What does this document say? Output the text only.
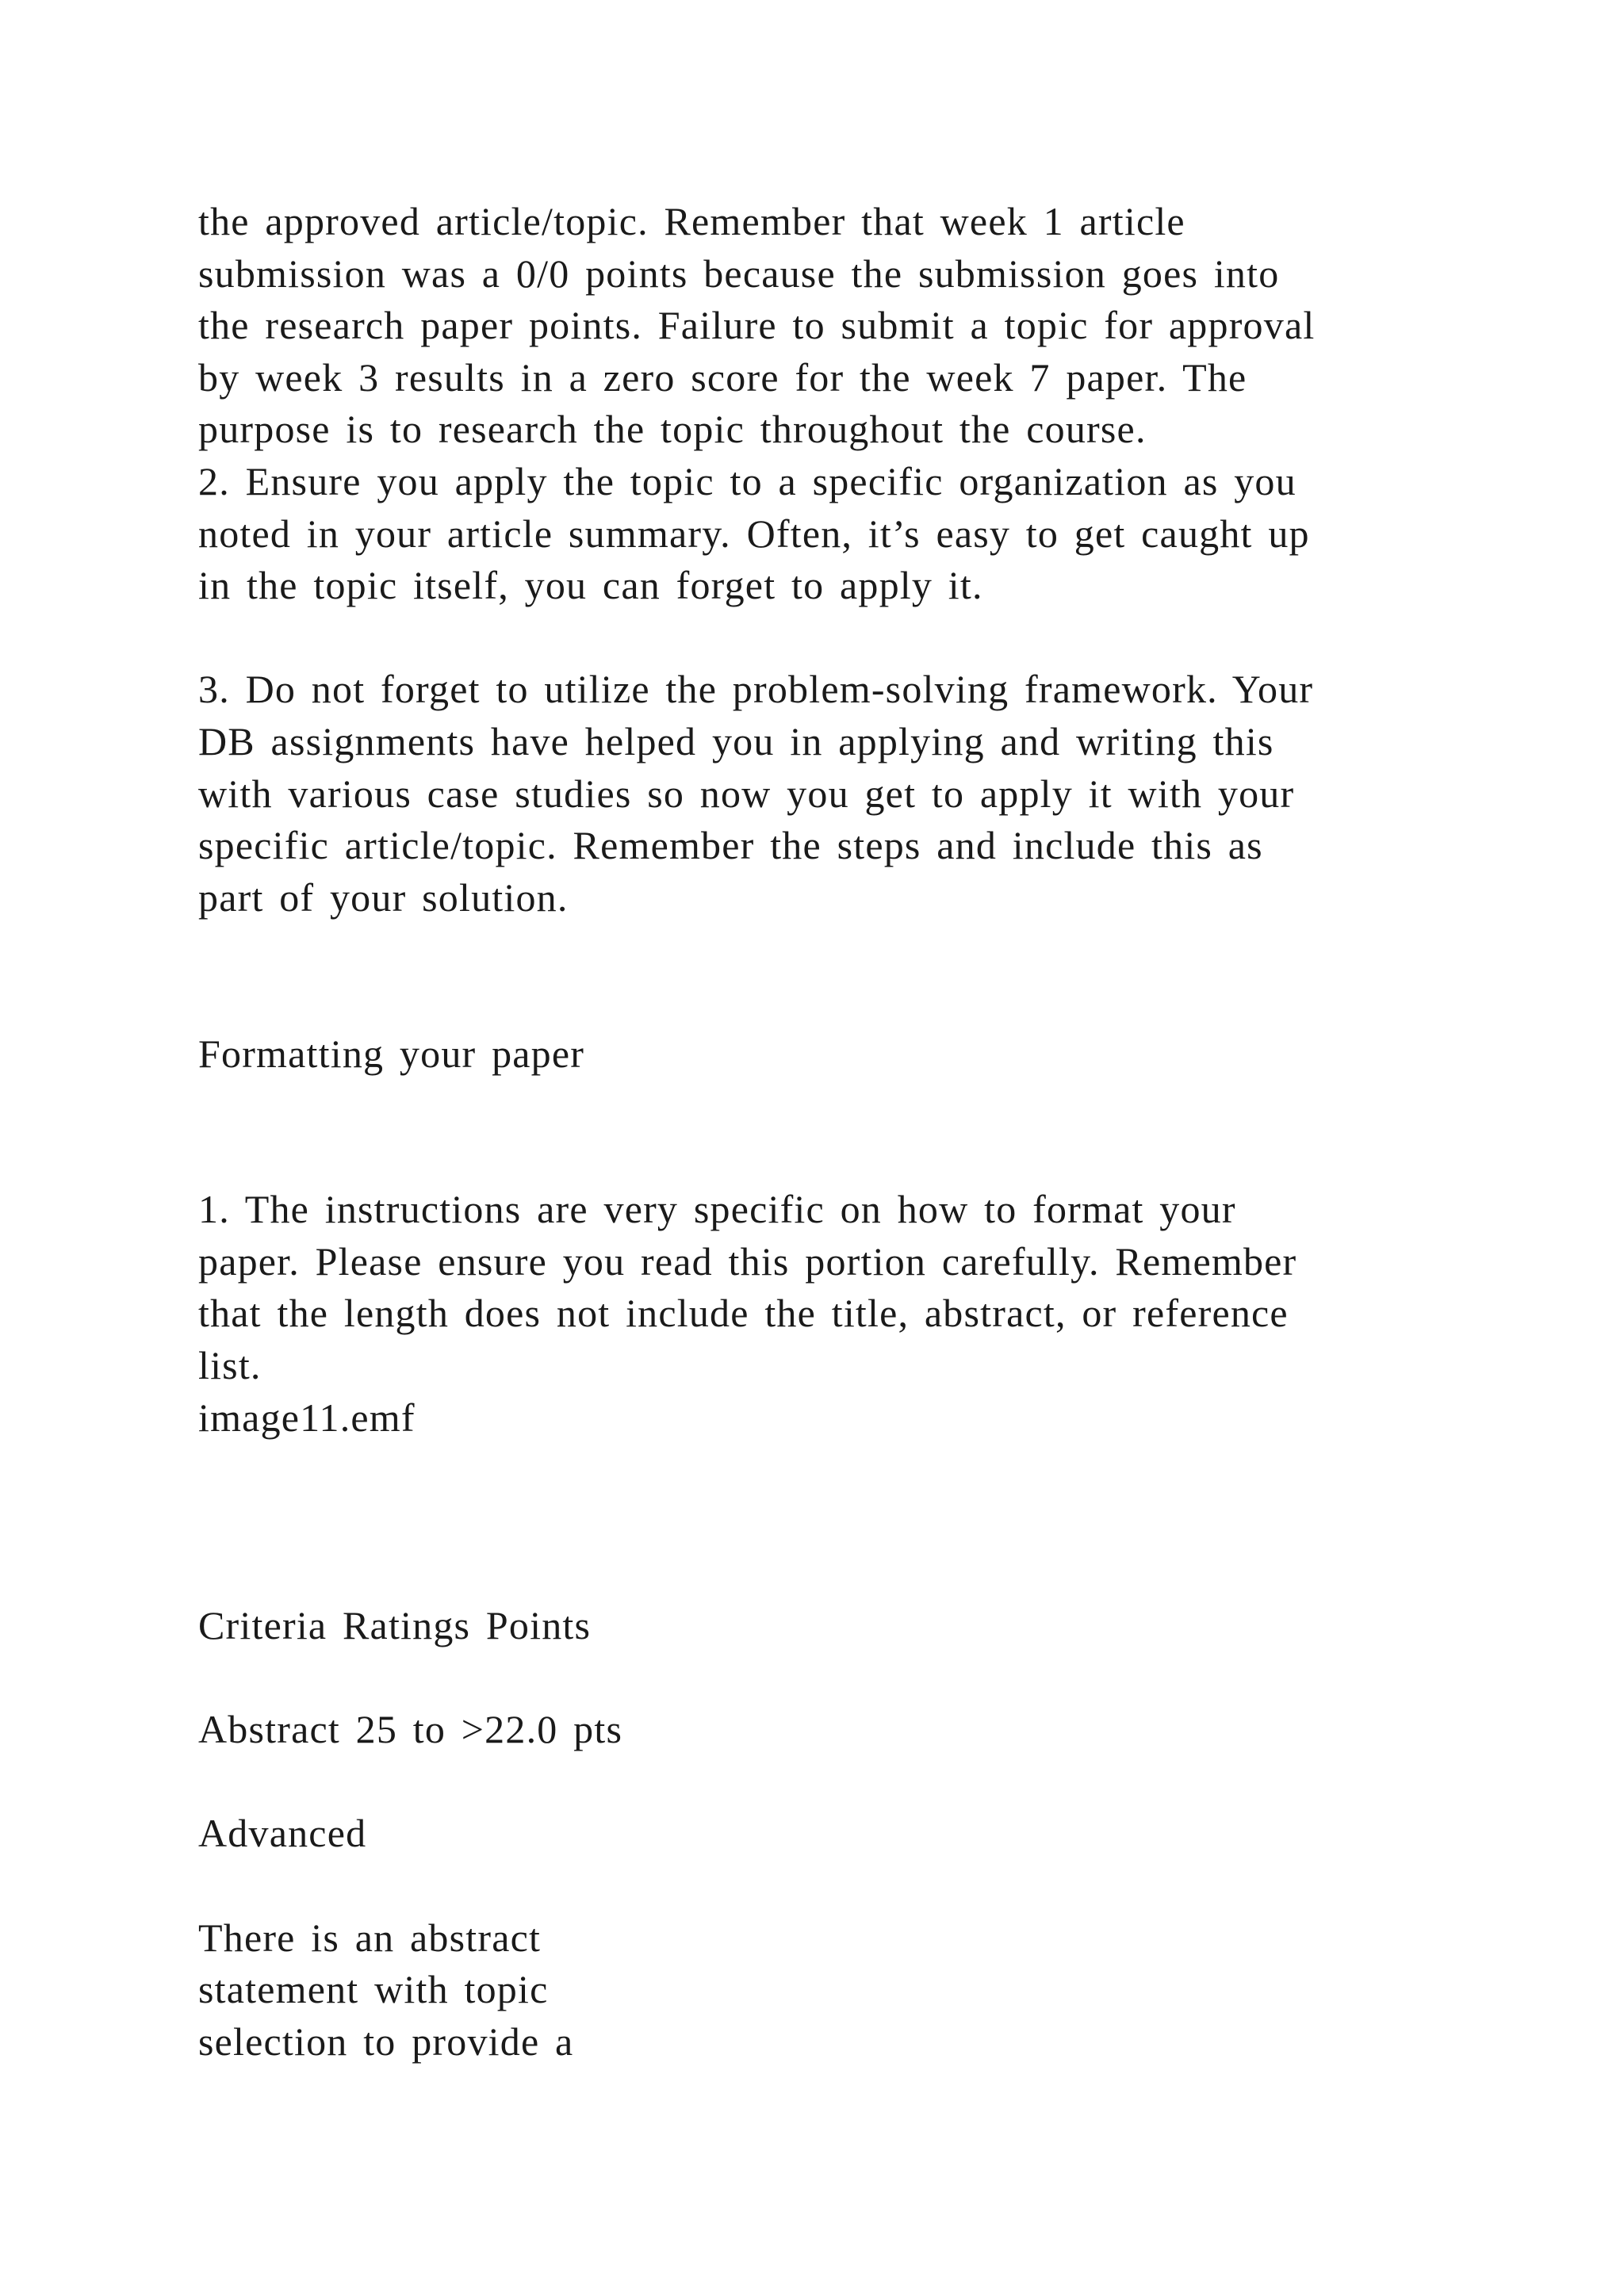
the approved article/topic. Remember that week 1 article
submission was a 0/0 points because the submission goes into
the research paper points. Failure to submit a topic for approval
by week 3 results in a zero score for the week 7 paper. The
purpose is to research the topic throughout the course.
2. Ensure you apply the topic to a specific organization as you
noted in your article summary. Often, it’s easy to get caught up
in the topic itself, you can forget to apply it.
3. Do not forget to utilize the problem-solving framework. Your
DB assignments have helped you in applying and writing this
with various case studies so now you get to apply it with your
specific article/topic. Remember the steps and include this as
part of your solution.
Formatting your paper
1. The instructions are very specific on how to format your
paper. Please ensure you read this portion carefully. Remember
that the length does not include the title, abstract, or reference
list.
image11.emf
Criteria Ratings Points
Abstract 25 to >22.0 pts
Advanced
There is an abstract
statement with topic
selection to provide a
